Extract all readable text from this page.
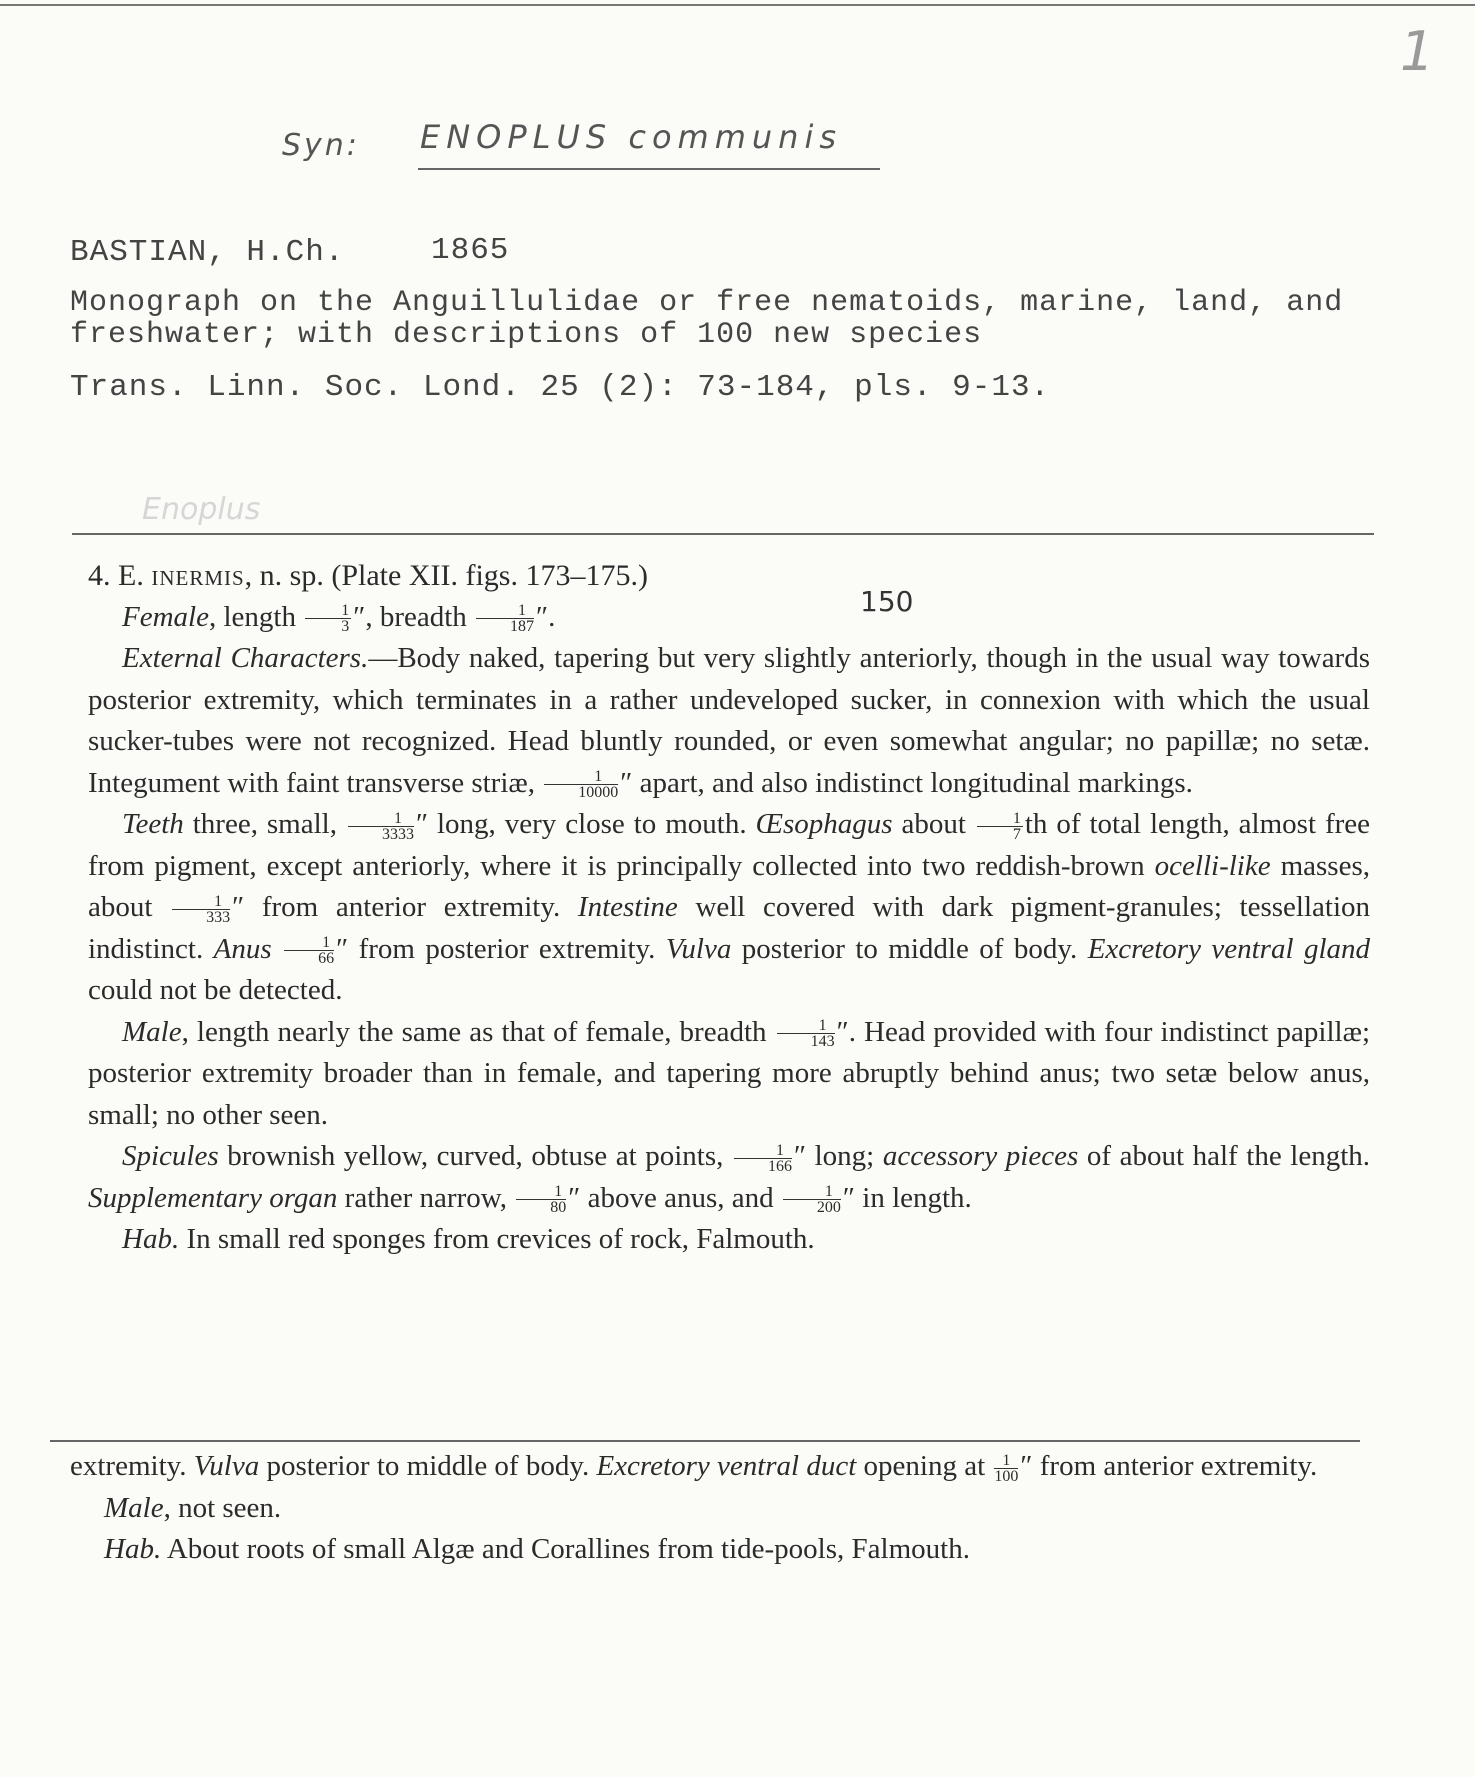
1
Syn: ENOPLUS communis
BASTIAN, H.Ch.	1865
Monograph on the Anguillulidae or free nematoids, marine, land, and
freshwater; with descriptions of 100 new species
Trans. Linn. Soc. Lond. 25 (2): 73-184, pls. 9-13.
Enoplus
150

4. E. inermis, n. sp. (Plate XII. figs. 173–175.)

Female, length $\frac{1}{3}$ ″, breadth $\frac{1}{187}$ ″.

External Characters.—Body naked, tapering but very slightly anteriorly, though in the usual way towards posterior extremity, which terminates in a rather undeveloped sucker, in connexion with which the usual sucker-tubes were not recognized. Head bluntly rounded, or even somewhat angular; no papillæ; no setæ. Integument with faint transverse striæ, $\frac{1}{10000}$ ″ apart, and also indistinct longitudinal markings.

Teeth three, small, $\frac{1}{3333}$ ″ long, very close to mouth. Œsophagus about $\frac{1}{7}$ th of total length, almost free from pigment, except anteriorly, where it is principally collected into two reddish-brown ocelli-like masses, about $\frac{1}{333}$ ″ from anterior extremity. Intestine well covered with dark pigment-granules; tessellation indistinct. Anus $\frac{1}{66}$ ″ from posterior extremity. Vulva posterior to middle of body. Excretory ventral gland could not be detected.

Male, length nearly the same as that of female, breadth $\frac{1}{143}$ ″. Head provided with four indistinct papillæ; posterior extremity broader than in female, and tapering more abruptly behind anus; two setæ below anus, small; no other seen.

Spicules brownish yellow, curved, obtuse at points, $\frac{1}{166}$ ″ long; accessory pieces of about half the length. Supplementary organ rather narrow, $\frac{1}{80}$ ″ above anus, and $\frac{1}{200}$ ″ in length.

Hab. In small red sponges from crevices of rock, Falmouth.

extremity. Vulva posterior to middle of body. Excretory ventral duct opening at $\frac{1}{100}$ ″ from anterior extremity.

Male, not seen.

Hab. About roots of small Algæ and Corallines from tide-pools, Falmouth.
